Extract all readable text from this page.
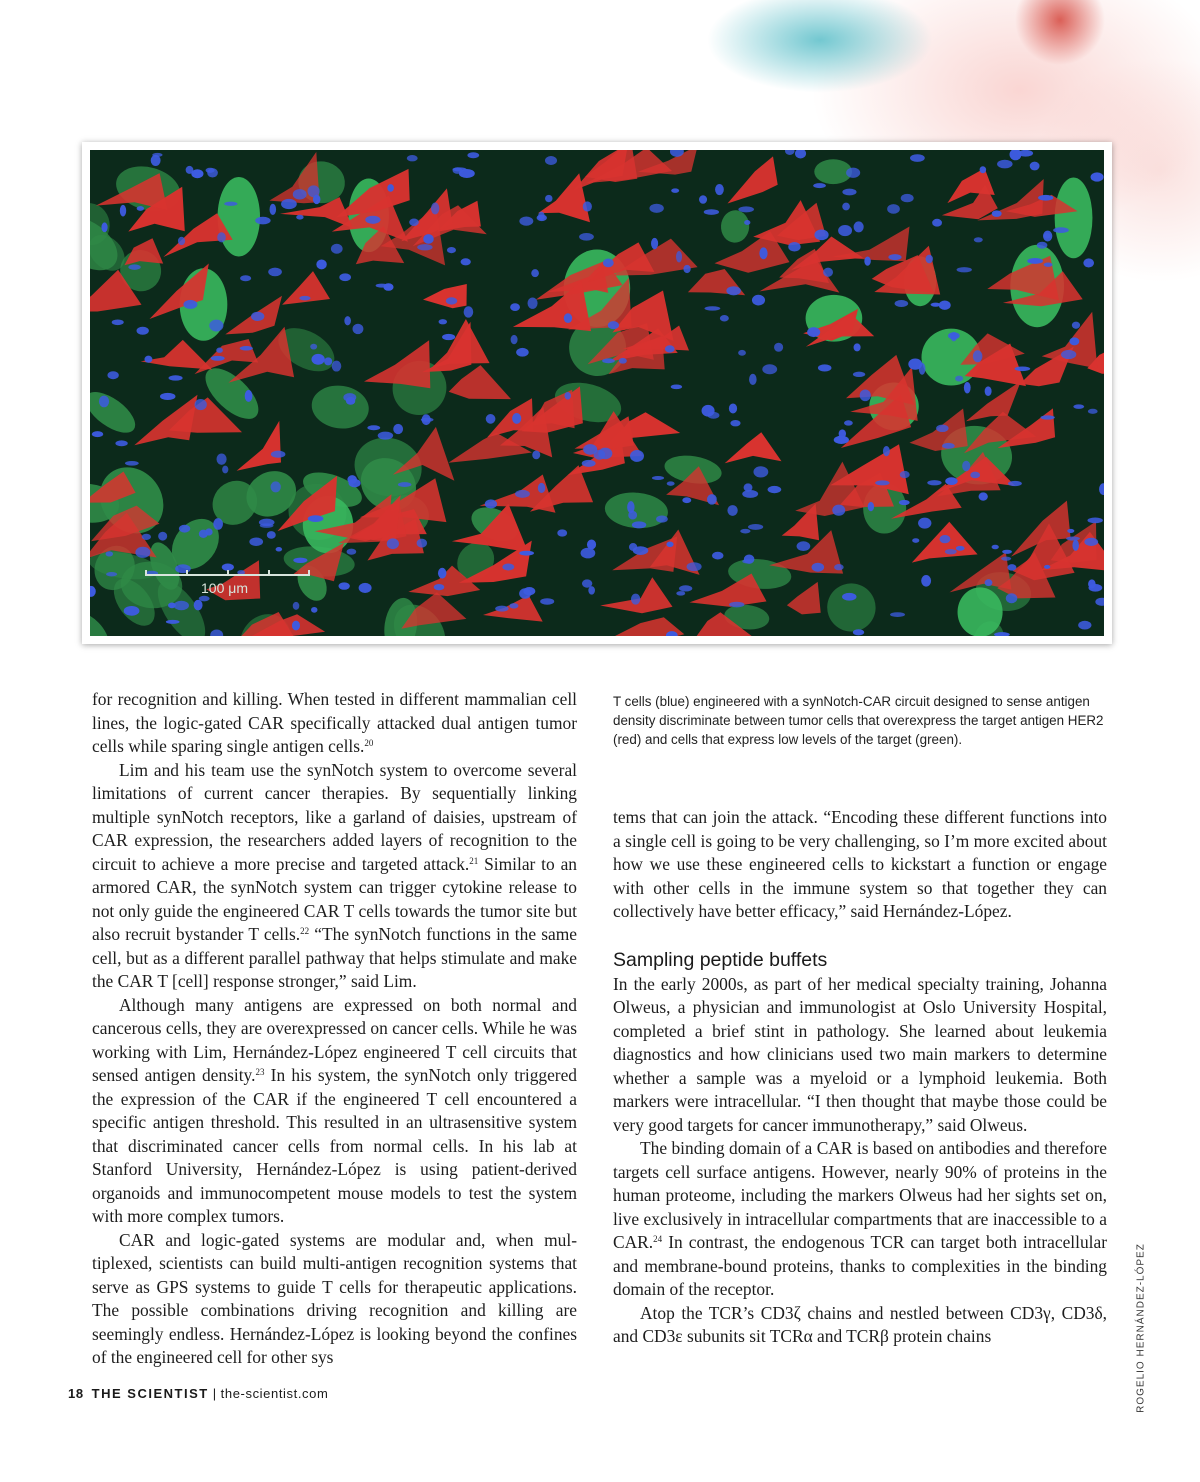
100 μm

for recognition and killing. When tested in different mammalian cell lines, the logic-gated CAR specifically attacked dual antigen tumor cells while sparing single antigen cells.$^{20}$

Lim and his team use the synNotch system to overcome several limitations of current cancer therapies. By sequentially linking multiple synNotch receptors, like a garland of daisies, upstream of CAR expression, the researchers added layers of recognition to the circuit to achieve a more precise and targeted attack.$^{21}$ Similar to an armored CAR, the synNotch system can trigger cytokine release to not only guide the engineered CAR T cells towards the tumor site but also recruit bystander T cells.$^{22}$ “The synNotch functions in the same cell, but as a different parallel pathway that helps stimulate and make the CAR T [cell] response stronger,” said Lim.

Although many antigens are expressed on both normal and cancerous cells, they are overexpressed on cancer cells. While he was working with Lim, Hernández-López engineered T cell circuits that sensed antigen density.$^{23}$ In his system, the synNotch only triggered the expression of the CAR if the engineered T cell encountered a specific antigen threshold. This resulted in an ultrasensitive system that discriminated cancer cells from normal cells. In his lab at Stanford University, Hernández-López is using patient-derived organoids and immunocompetent mouse models to test the system with more complex tumors.

CAR and logic-gated systems are modular and, when multiplexed, scientists can build multi-antigen recognition systems that serve as GPS systems to guide T cells for therapeutic applications. The possible combinations driving recognition and killing are seemingly endless. Hernández-López is looking beyond the confines of the engineered cell for other sys

T cells (blue) engineered with a synNotch-CAR circuit designed to sense antigen density discriminate between tumor cells that overexpress the target antigen HER2 (red) and cells that express low levels of the target (green).

tems that can join the attack. “Encoding these different functions into a single cell is going to be very challenging, so I’m more excited about how we use these engineered cells to kickstart a function or engage with other cells in the immune system so that together they can collectively have better efficacy,” said Hernández-López.

Sampling peptide buffets

In the early 2000s, as part of her medical specialty training, Johanna Olweus, a physician and immunologist at Oslo University Hospital, completed a brief stint in pathology. She learned about leukemia diagnostics and how clinicians used two main markers to determine whether a sample was a myeloid or a lymphoid leukemia. Both markers were intracellular. “I then thought that maybe those could be very good targets for cancer immunotherapy,” said Olweus.

The binding domain of a CAR is based on antibodies and therefore targets cell surface antigens. However, nearly 90% of proteins in the human proteome, including the markers Olweus had her sights set on, live exclusively in intracellular compartments that are inaccessible to a CAR.$^{24}$ In contrast, the endogenous TCR can target both intracellular and membrane-bound proteins, thanks to complexities in the binding domain of the receptor.

Atop the TCR’s CD3ζ chains and nestled between CD3γ, CD3δ, and CD3ε subunits sit TCRα and TCRβ protein chains	ROGELIO HERNÁNDEZ-LÓPEZ
18 THE SCIENTIST | the-scientist.com
